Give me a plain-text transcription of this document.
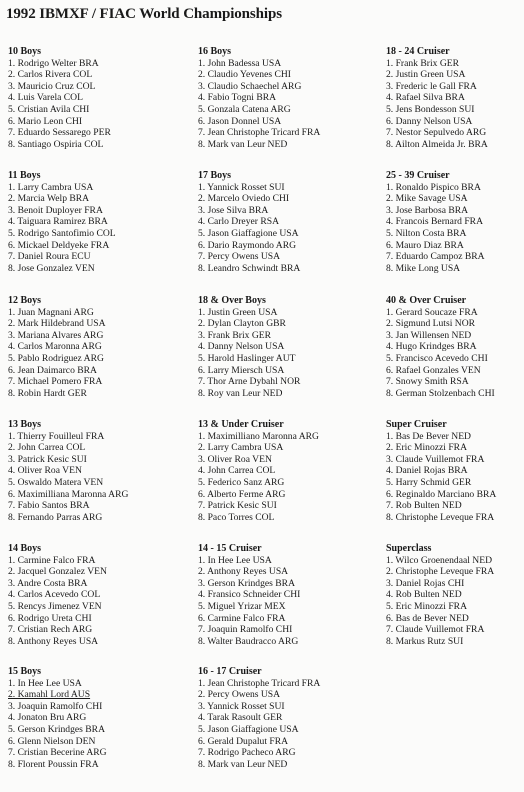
1992 IBMXF / FIAC World Championships
10 Boys
1. Rodrigo Welter BRA
2. Carlos Rivera COL
3. Mauricio Cruz COL
4. Luis Varela COL
5. Cristian Avila CHI
6. Mario Leon CHI
7. Eduardo Sessarego PER
8. Santiago Ospiria COL
11 Boys
1. Larry Cambra USA
2. Marcia Welp BRA
3. Benoit Duployer FRA
4. Taiguara Ramirez BRA
5. Rodrigo Santofimio COL
6. Mickael Deldyeke FRA
7. Daniel Roura ECU
8. Jose Gonzalez VEN
12 Boys
1. Juan Magnani ARG
2. Mark Hildebrand USA
3. Mariana Alvares ARG
4. Carlos Maronna ARG
5. Pablo Rodriguez ARG
6. Jean Daimarco BRA
7. Michael Pomero FRA
8. Robin Hardt GER
13 Boys
1. Thierry Fouilleul FRA
2. John Carrea COL
3. Patrick Kesic SUI
4. Oliver Roa VEN
5. Oswaldo Matera VEN
6. Maximilliana Maronna ARG
7. Fabio Santos BRA
8. Fernando Parras ARG
14 Boys
1. Carmine Falco FRA
2. Jacquel Gonzalez VEN
3. Andre Costa BRA
4. Carlos Acevedo COL
5. Rencys Jimenez VEN
6. Rodrigo Ureta CHI
7. Cristian Rech ARG
8. Anthony Reyes USA
15 Boys
1. In Hee Lee USA
2. Kamahl Lord AUS
3. Joaquin Ramolfo CHI
4. Jonaton Bru ARG
5. Gerson Krindges BRA
6. Glenn Nielson DEN
7. Cristian Becerine ARG
8. Florent Poussin FRA
16 Boys
1. John Badessa USA
2. Claudio Yevenes CHI
3. Claudio Schaechel ARG
4. Fabio Togni BRA
5. Gonzala Catena ARG
6. Jason Donnel USA
7. Jean Christophe Tricard FRA
8. Mark van Leur NED
17 Boys
1. Yannick Rosset SUI
2. Marcelo Oviedo CHI
3. Jose Silva BRA
4. Carlo Dreyer RSA
5. Jason Giaffagione USA
6. Dario Raymondo ARG
7. Percy Owens USA
8. Leandro Schwindt BRA
18 & Over Boys
1. Justin Green USA
2. Dylan Clayton GBR
3. Frank Brix GER
4. Danny Nelson USA
5. Harold Haslinger AUT
6. Larry Miersch USA
7. Thor Arne Dybahl NOR
8. Roy van Leur NED
13 & Under Cruiser
1. Maximilliano Maronna ARG
2. Larry Cambra USA
3. Oliver Roa VEN
4. John Carrea COL
5. Federico Sanz ARG
6. Alberto Ferme ARG
7. Patrick Kesic SUI
8. Paco Torres COL
14 - 15 Cruiser
1. In Hee Lee USA
2. Anthony Reyes USA
3. Gerson Krindges BRA
4. Fransico Schneider CHI
5. Miguel Yrizar MEX
6. Carmine Falco FRA
7. Joaquin Ramolfo CHI
8. Walter Baudracco ARG
16 - 17 Cruiser
1. Jean Christophe Tricard FRA
2. Percy Owens USA
3. Yannick Rosset SUI
4. Tarak Rasoult GER
5. Jason Giaffagione USA
6. Gerald Dupalut FRA
7. Rodrigo Pacheco ARG
8. Mark van Leur NED
18 - 24 Cruiser
1. Frank Brix GER
2. Justin Green USA
3. Frederic le Gall FRA
4. Rafael Silva BRA
5. Jens Bondesson SUI
6. Danny Nelson USA
7. Nestor Sepulvedo ARG
8. Ailton Almeida Jr. BRA
25 - 39 Cruiser
1. Ronaldo Pispico BRA
2. Mike Savage USA
3. Jose Barbosa BRA
4. Francois Bernard FRA
5. Nilton Costa BRA
6. Mauro Diaz BRA
7. Eduardo Campoz BRA
8. Mike Long USA
40 & Over Cruiser
1. Gerard Soucaze FRA
2. Sigmund Lutsi NOR
3. Jan Willensen NED
4. Hugo Krindges BRA
5. Francisco Acevedo CHI
6. Rafael Gonzales VEN
7. Snowy Smith RSA
8. German Stolzenbach CHI
Super Cruiser
1. Bas De Bever NED
2. Eric Minozzi FRA
3. Claude Vuillemot FRA
4. Daniel Rojas BRA
5. Harry Schmid GER
6. Reginaldo Marciano BRA
7. Rob Bulten NED
8. Christophe Leveque FRA
Superclass
1. Wilco Groenendaal NED
2. Christophe Leveque FRA
3. Daniel Rojas CHI
4. Rob Bulten NED
5. Eric Minozzi FRA
6. Bas de Bever NED
7. Claude Vuillemot FRA
8. Markus Rutz SUI
